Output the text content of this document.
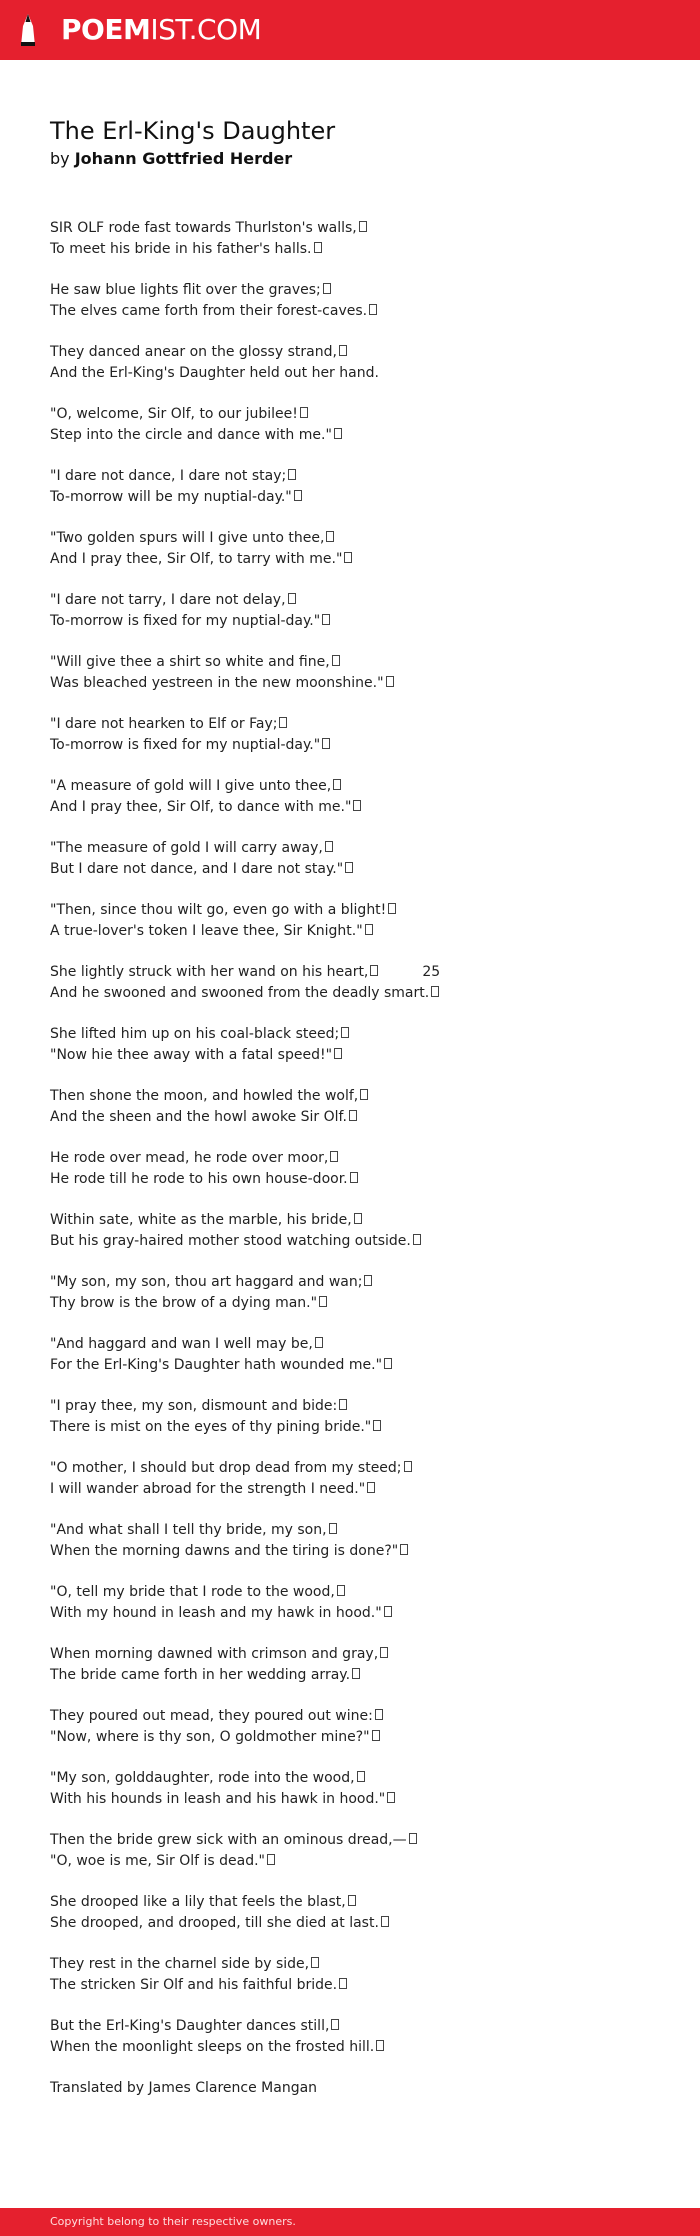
POEMIST.COM
The Erl-King's Daughter
by Johann Gottfried Herder
SIR OLF rode fast towards Thurlston's walls,
To meet his bride in his father's halls.
He saw blue lights flit over the graves;
The elves came forth from their forest-caves.
They danced anear on the glossy strand,
And the Erl-King's Daughter held out her hand.
"O, welcome, Sir Olf, to our jubilee!
Step into the circle and dance with me."
"I dare not dance, I dare not stay;
To-morrow will be my nuptial-day."
"Two golden spurs will I give unto thee,
And I pray thee, Sir Olf, to tarry with me."
"I dare not tarry, I dare not delay,
To-morrow is fixed for my nuptial-day."
"Will give thee a shirt so white and fine,
Was bleached yestreen in the new moonshine."
"I dare not hearken to Elf or Fay;
To-morrow is fixed for my nuptial-day."
"A measure of gold will I give unto thee,
And I pray thee, Sir Olf, to dance with me."
"The measure of gold I will carry away,
But I dare not dance, and I dare not stay."
"Then, since thou wilt go, even go with a blight!
A true-lover's token I leave thee, Sir Knight."
She lightly struck with her wand on his heart,	25
And he swooned and swooned from the deadly smart.
She lifted him up on his coal-black steed;
"Now hie thee away with a fatal speed!"
Then shone the moon, and howled the wolf,
And the sheen and the howl awoke Sir Olf.
He rode over mead, he rode over moor,
He rode till he rode to his own house-door.
Within sate, white as the marble, his bride,
But his gray-haired mother stood watching outside.
"My son, my son, thou art haggard and wan;
Thy brow is the brow of a dying man."
"And haggard and wan I well may be,
For the Erl-King's Daughter hath wounded me."
"I pray thee, my son, dismount and bide:
There is mist on the eyes of thy pining bride."
"O mother, I should but drop dead from my steed;
I will wander abroad for the strength I need."
"And what shall I tell thy bride, my son,
When the morning dawns and the tiring is done?"
"O, tell my bride that I rode to the wood,
With my hound in leash and my hawk in hood."
When morning dawned with crimson and gray,
The bride came forth in her wedding array.
They poured out mead, they poured out wine:
"Now, where is thy son, O goldmother mine?"
"My son, golddaughter, rode into the wood,
With his hounds in leash and his hawk in hood."
Then the bride grew sick with an ominous dread,—
"O, woe is me, Sir Olf is dead."
She drooped like a lily that feels the blast,
She drooped, and drooped, till she died at last.
They rest in the charnel side by side,
The stricken Sir Olf and his faithful bride.
But the Erl-King's Daughter dances still,
When the moonlight sleeps on the frosted hill.
Translated by James Clarence Mangan
Copyright belong to their respective owners.
